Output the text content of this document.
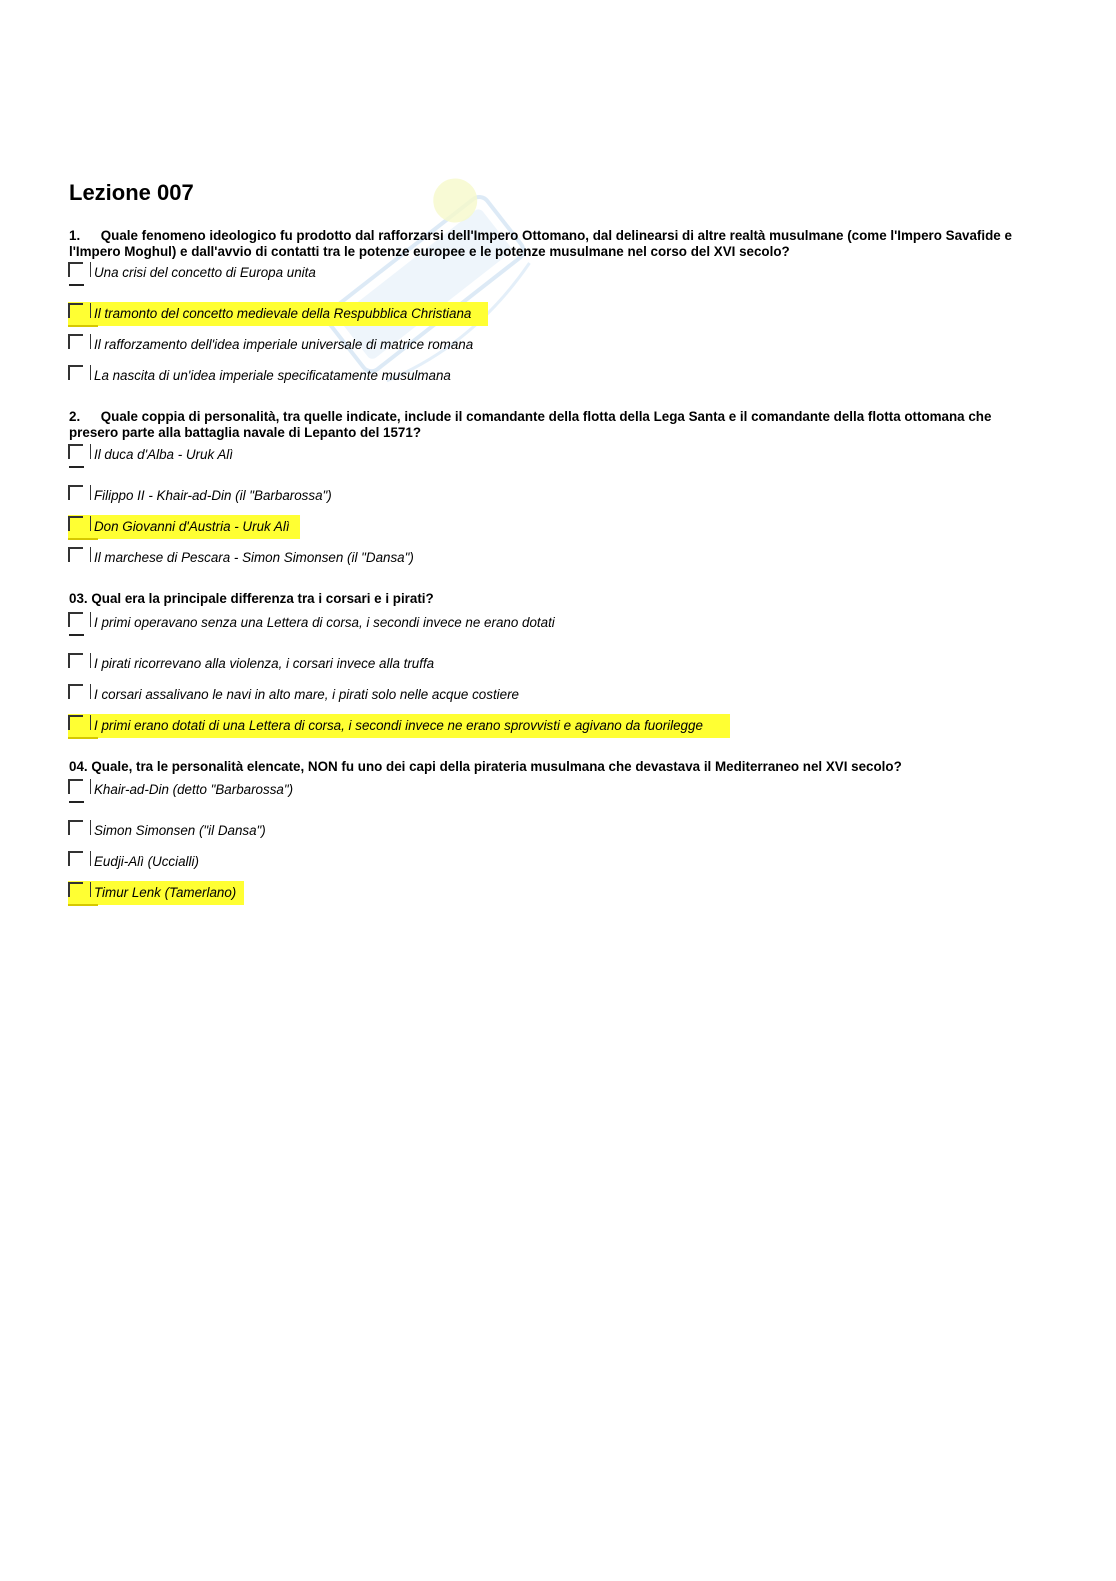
Lezione 007
1. Quale fenomeno ideologico fu prodotto dal rafforzarsi dell'Impero Ottomano, dal delinearsi di altre realtà musulmane (come l'Impero Savafide e l'Impero Moghul) e dall'avvio di contatti tra le potenze europee e le potenze musulmane nel corso del XVI secolo?
Una crisi del concetto di Europa unita
Il tramonto del concetto medievale della Respubblica Christiana
Il rafforzamento dell'idea imperiale universale di matrice romana
La nascita di un'idea imperiale specificatamente musulmana
2. Quale coppia di personalità, tra quelle indicate, include il comandante della flotta della Lega Santa e il comandante della flotta ottomana che presero parte alla battaglia navale di Lepanto del 1571?
Il duca d'Alba - Uruk Alì
Filippo II - Khair-ad-Din (il "Barbarossa")
Don Giovanni d'Austria - Uruk Alì
Il marchese di Pescara - Simon Simonsen (il "Dansa")
03. Qual era la principale differenza tra i corsari e i pirati?
I primi operavano senza una Lettera di corsa, i secondi invece ne erano dotati
I pirati ricorrevano alla violenza, i corsari invece alla truffa
I corsari assalivano le navi in alto mare, i pirati solo nelle acque costiere
I primi erano dotati di una Lettera di corsa, i secondi invece ne erano sprovvisti e agivano da fuorilegge
04. Quale, tra le personalità elencate, NON fu uno dei capi della pirateria musulmana che devastava il Mediterraneo nel XVI secolo?
Khair-ad-Din (detto "Barbarossa")
Simon Simonsen ("il Dansa")
Eudji-Alì (Uccialli)
Timur Lenk (Tamerlano)
